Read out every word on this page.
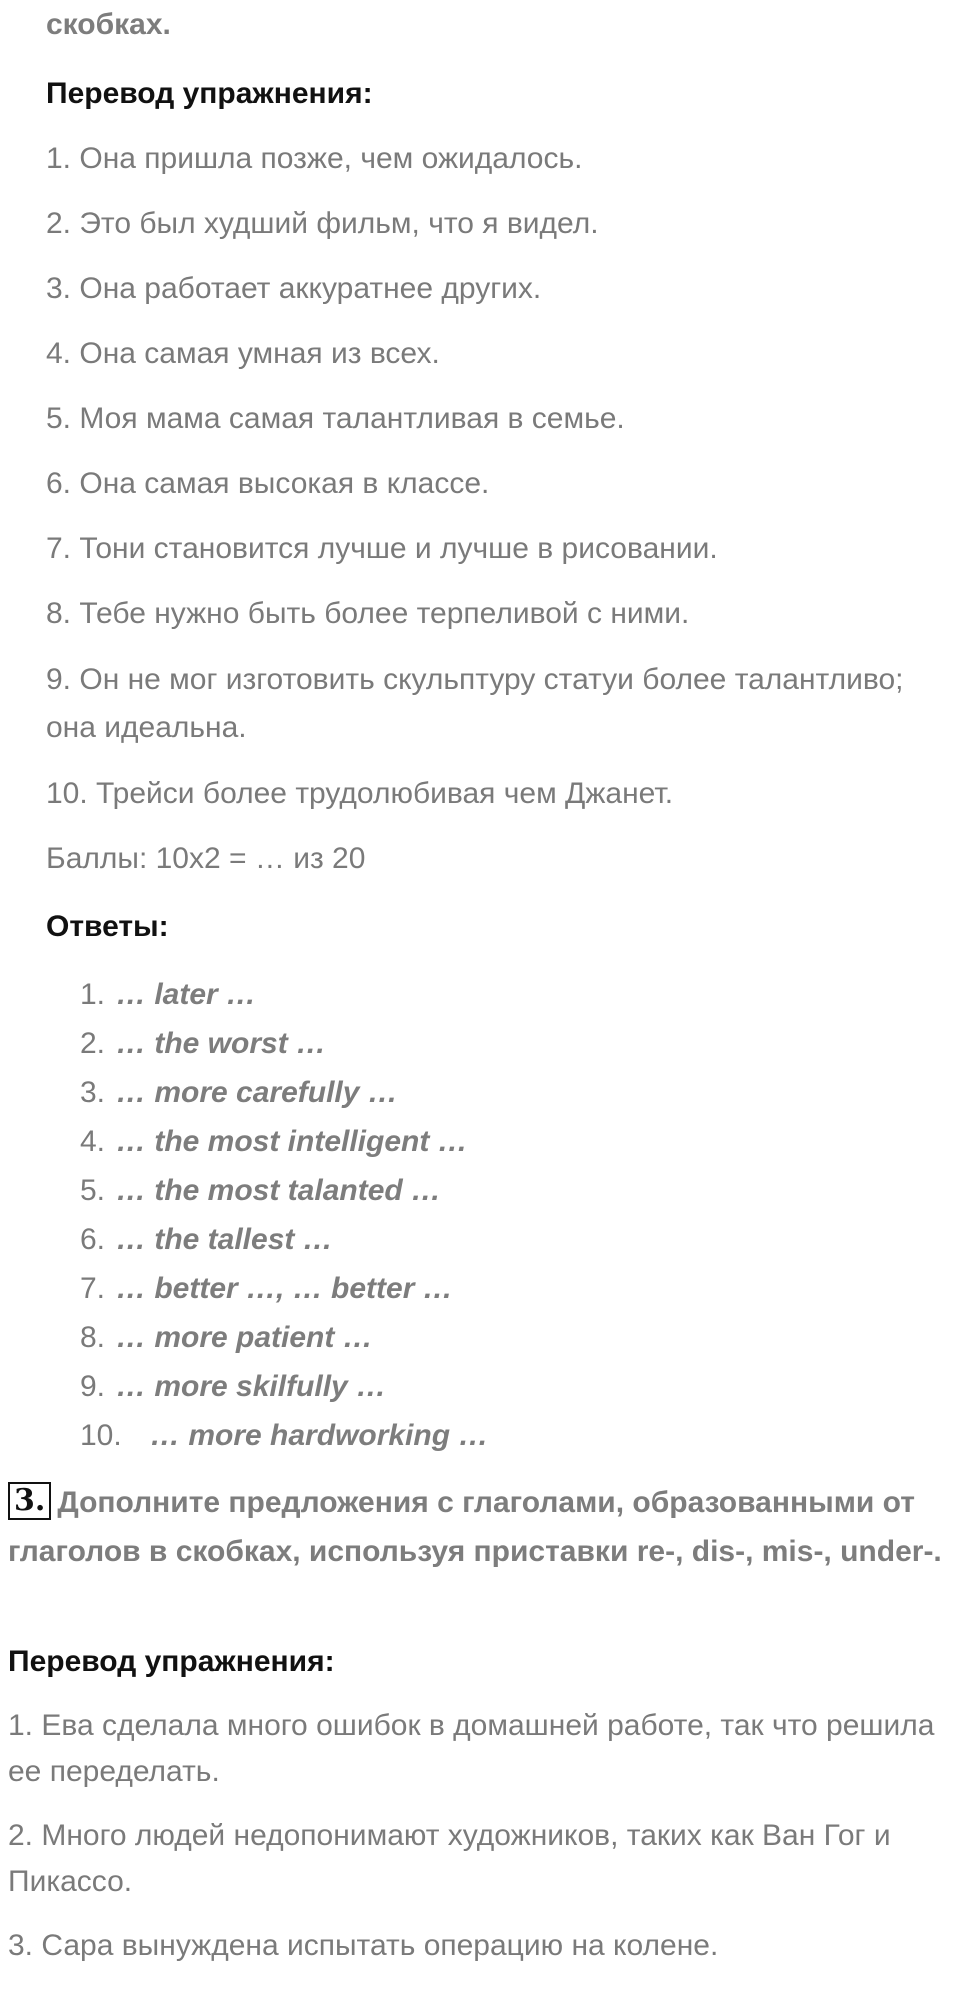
скобках.
Перевод упражнения:

1. Она пришла позже, чем ожидалось.

2. Это был худший фильм, что я видел.

3. Она работает аккуратнее других.

4. Она самая умная из всех.

5. Моя мама самая талантливая в семье.

6. Она самая высокая в классе.

7. Тони становится лучше и лучше в рисовании.

8. Тебе нужно быть более терпеливой с ними.

9. Он не мог изготовить скульптуру статуи более талантливо; она идеальна.

10. Трейси более трудолюбивая чем Джанет.

Баллы: 10x2 = … из 20

Ответы:
1. … later …
2. … the worst …
3. … more carefully …
4. … the most intelligent …
5. … the most talanted …
6. … the tallest …
7. … better …, … better …
8. … more patient …
9. … more skilfully …
10. … more hardworking …
3. Дополните предложения с глаголами, образованными от глаголов в скобках, используя приставки re-, dis-, mis-, under-.
Перевод упражнения:

1. Ева сделала много ошибок в домашней работе, так что решила ее переделать.

2. Много людей недопонимают художников, таких как Ван Гог и Пикассо.

3. Сара вынуждена испытать операцию на колене.
